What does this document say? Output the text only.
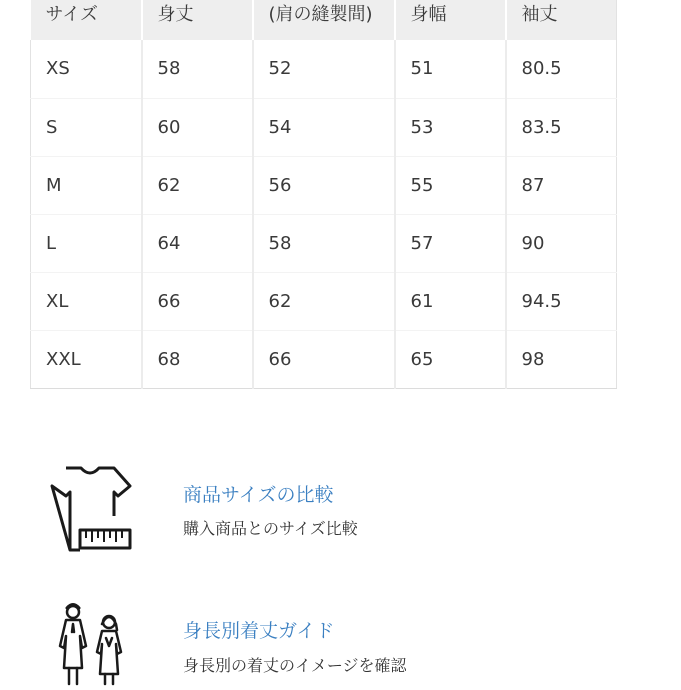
サイズ	身丈	(肩の縫製間)	身幅	袖丈

XS	58	52	51	80.5
S	60	54	53	83.5
M	62	56	55	87
L	64	58	57	90
XL	66	62	61	94.5
XXL	68	66	65	98
商品サイズの比較
購入商品とのサイズ比較
身長別着丈ガイド
身長別の着丈のイメージを確認
